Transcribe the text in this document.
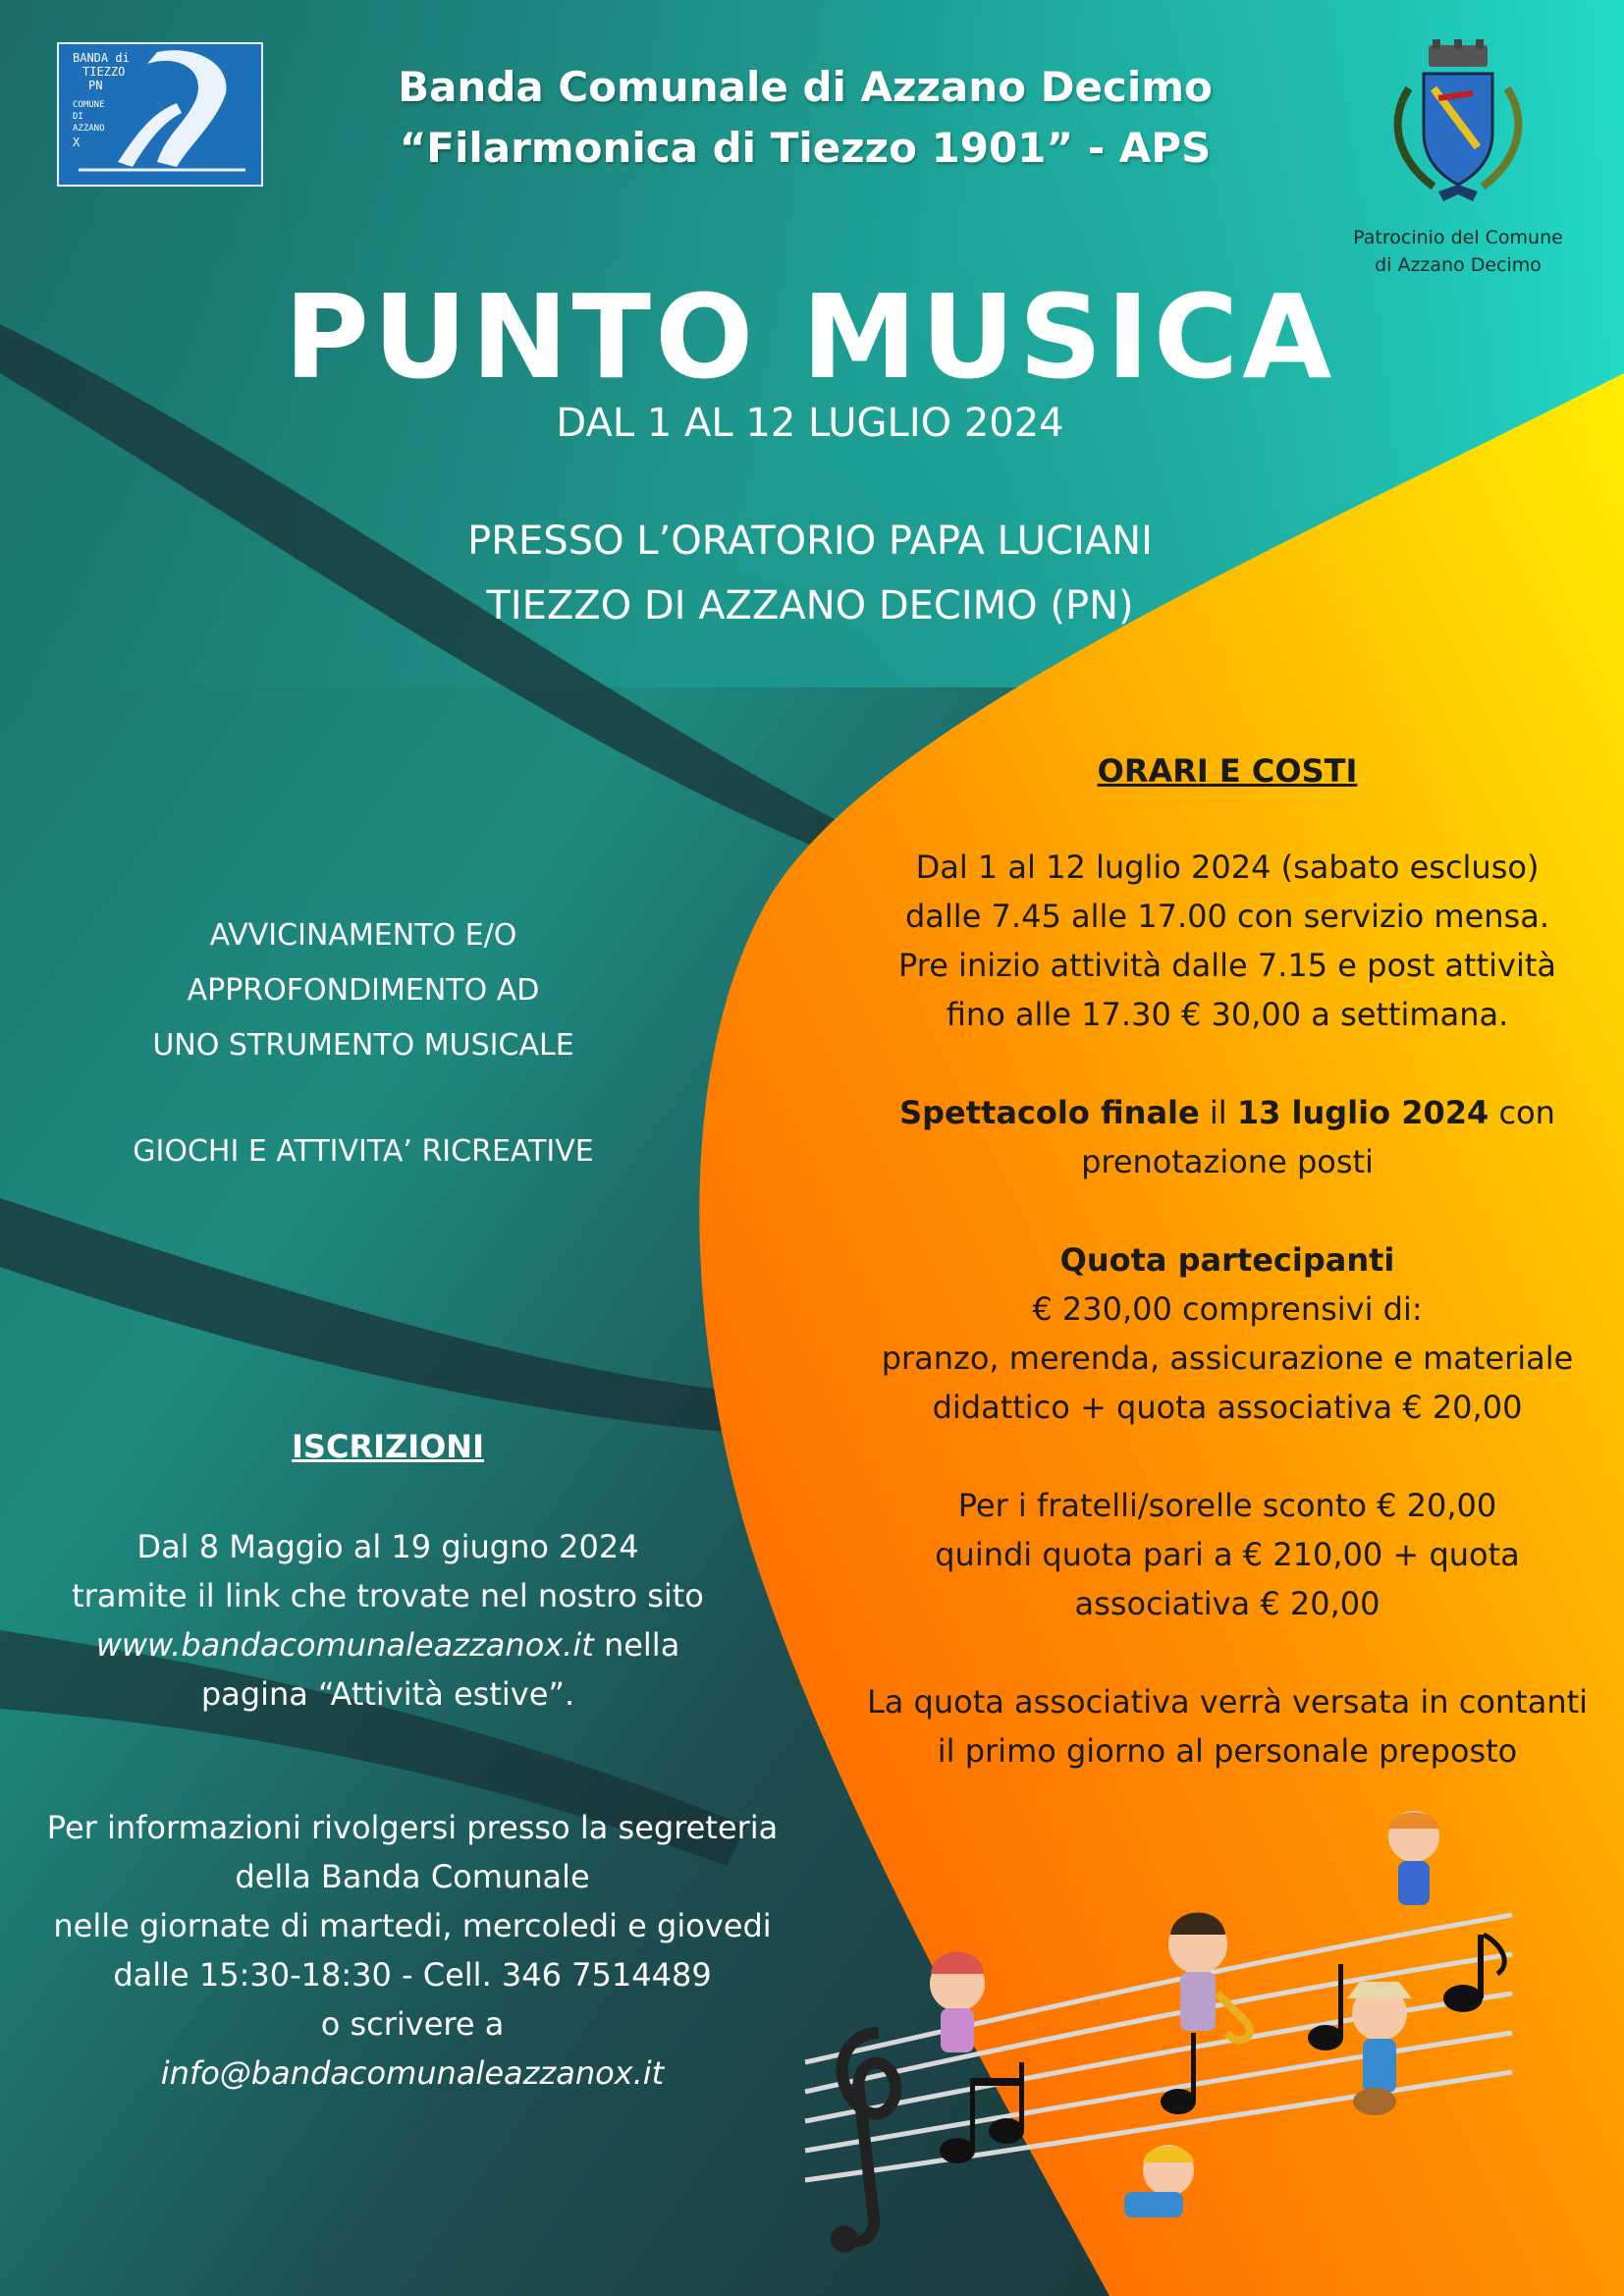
BANDA di
TIEZZO
PN
COMUNE
DI
AZZANO
X
Banda Comunale di Azzano Decimo
“Filarmonica di Tiezzo 1901” - APS
Patrocinio del Comune
di Azzano Decimo
PUNTO MUSICA
DAL 1 AL 12 LUGLIO 2024
PRESSO L’ORATORIO PAPA LUCIANI
TIEZZO DI AZZANO DECIMO (PN)
AVVICINAMENTO E/O
APPROFONDIMENTO AD
UNO STRUMENTO MUSICALE
GIOCHI E ATTIVITA’ RICREATIVE
ISCRIZIONI
Dal 8 Maggio al 19 giugno 2024
tramite il link che trovate nel nostro sito
www.bandacomunaleazzanox.it nella
pagina “Attività estive”.
Per informazioni rivolgersi presso la segreteria
della Banda Comunale
nelle giornate di martedi, mercoledi e giovedi
dalle 15:30-18:30 - Cell. 346 7514489
o scrivere a
info@bandacomunaleazzanox.it
ORARI E COSTI
Dal 1 al 12 luglio 2024 (sabato escluso)
dalle 7.45 alle 17.00 con servizio mensa.
Pre inizio attività dalle 7.15 e post attività
fino alle 17.30 € 30,00 a settimana.
Spettacolo finale il 13 luglio 2024 con
prenotazione posti
Quota partecipanti
€ 230,00 comprensivi di:
pranzo, merenda, assicurazione e materiale
didattico + quota associativa € 20,00
Per i fratelli/sorelle sconto € 20,00
quindi quota pari a € 210,00 + quota
associativa € 20,00
La quota associativa verrà versata in contanti
il primo giorno al personale preposto
